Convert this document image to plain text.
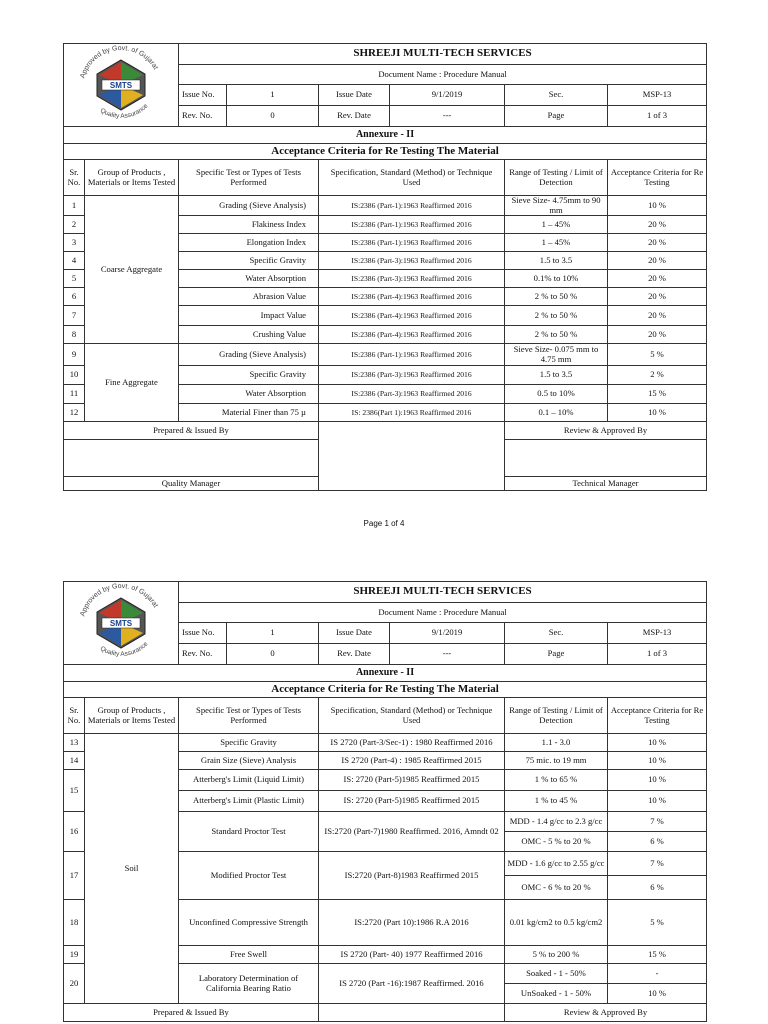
Approved by Govt. of Gujarat
SMTS
Quality Assurance		SHREEJI MULTI-TECH SERVICES					
		Document Name : Procedure Manual					
		Issue No.	1	Issue Date	9/1/2019	Sec.	MSP-13
		Rev. No.	0	Rev. Date	---	Page	1 of 3
Annexure - II							
Acceptance Criteria for Re Testing The Material							
Sr. No.	Group of Products , Materials or Items Tested	Specific Test or Types of Tests Performed		Specification, Standard (Method) or Technique Used		Range of Testing / Limit of Detection	Acceptance Criteria for Re Testing
1	Coarse Aggregate	Grading (Sieve Analysis)		IS:2386 (Part-1):1963 Reaffirmed 2016		Sieve Size- 4.75mm to 90 mm	10 %
2		Flakiness Index		IS:2386 (Part-1):1963 Reaffirmed 2016		1 – 45%	20 %
3		Elongation Index		IS:2386 (Part-1):1963 Reaffirmed 2016		1 – 45%	20 %
4		Specific Gravity		IS:2386 (Part-3):1963 Reaffirmed 2016		1.5 to 3.5	20 %
5		Water Absorption		IS:2386 (Part-3):1963 Reaffirmed 2016		0.1% to 10%	20 %
6		Abrasion Value		IS:2386 (Part-4):1963 Reaffirmed 2016		2 % to 50 %	20 %
7		Impact Value		IS:2386 (Part-4):1963 Reaffirmed 2016		2 % to 50 %	20 %
8		Crushing Value		IS:2386 (Part-4):1963 Reaffirmed 2016		2 % to 50 %	20 %
9	Fine Aggregate	Grading (Sieve Analysis)		IS:2386 (Part-1):1963 Reaffirmed 2016		Sieve Size- 0.075 mm to 4.75 mm	5 %
10		Specific Gravity		IS:2386 (Part-3):1963 Reaffirmed 2016		1.5 to 3.5	2 %
11		Water Absorption		IS:2386 (Part-3):1963 Reaffirmed 2016		0.5 to 10%	15 %
12		Material Finer than 75 µ		IS: 2386(Part 1):1963 Reaffirmed 2016		0.1 – 10%	10 %
Prepared & Issued By						Review & Approved By	

Quality Manager						Technical Manager	
Page 1 of 4
Approved by Govt. of Gujarat
SMTS
Quality Assurance		SHREEJI MULTI-TECH SERVICES					
		Document Name : Procedure Manual					
		Issue No.	1	Issue Date	9/1/2019	Sec.	MSP-13
		Rev. No.	0	Rev. Date	---	Page	1 of 3
Annexure - II							
Acceptance Criteria for Re Testing The Material							
Sr. No.	Group of Products , Materials or Items Tested	Specific Test or Types of Tests Performed		Specification, Standard (Method) or Technique Used		Range of Testing / Limit of Detection	Acceptance Criteria for Re Testing
13	Soil	Specific Gravity		IS 2720 (Part-3/Sec-1) : 1980 Reaffirmed 2016		1.1 - 3.0	10 %
14		Grain Size (Sieve) Analysis		IS 2720 (Part-4) : 1985 Reaffirmed 2015		75 mic. to 19 mm	10 %
15		Atterberg's Limit (Liquid Limit)		IS: 2720 (Part-5)1985 Reaffirmed 2015		1 % to 65 %	10 %
		Atterberg's Limit (Plastic Limit)		IS: 2720 (Part-5)1985 Reaffirmed 2015		1 % to 45 %	10 %
16		Standard Proctor Test		IS:2720 (Part-7)1980 Reaffirmed. 2016, Amndt 02		MDD - 1.4 g/cc to 2.3 g/cc	7 %
						OMC - 5 % to 20 %	6 %
17		Modified Proctor Test		IS:2720 (Part-8)1983 Reaffirmed 2015		MDD - 1.6 g/cc to 2.55 g/cc	7 %
						OMC - 6 % to 20 %	6 %
18		Unconfined Compressive Strength		IS:2720 (Part 10):1986 R.A 2016		0.01 kg/cm2 to 0.5 kg/cm2	5 %
19		Free Swell		IS 2720 (Part- 40) 1977 Reaffirmed 2016		5 % to 200 %	15 %
20		Laboratory Determination of California Bearing Ratio		IS 2720 (Part -16):1987 Reaffirmed. 2016		Soaked - 1 - 50%	-
						UnSoaked - 1 - 50%	10 %
Prepared & Issued By						Review & Approved By	
